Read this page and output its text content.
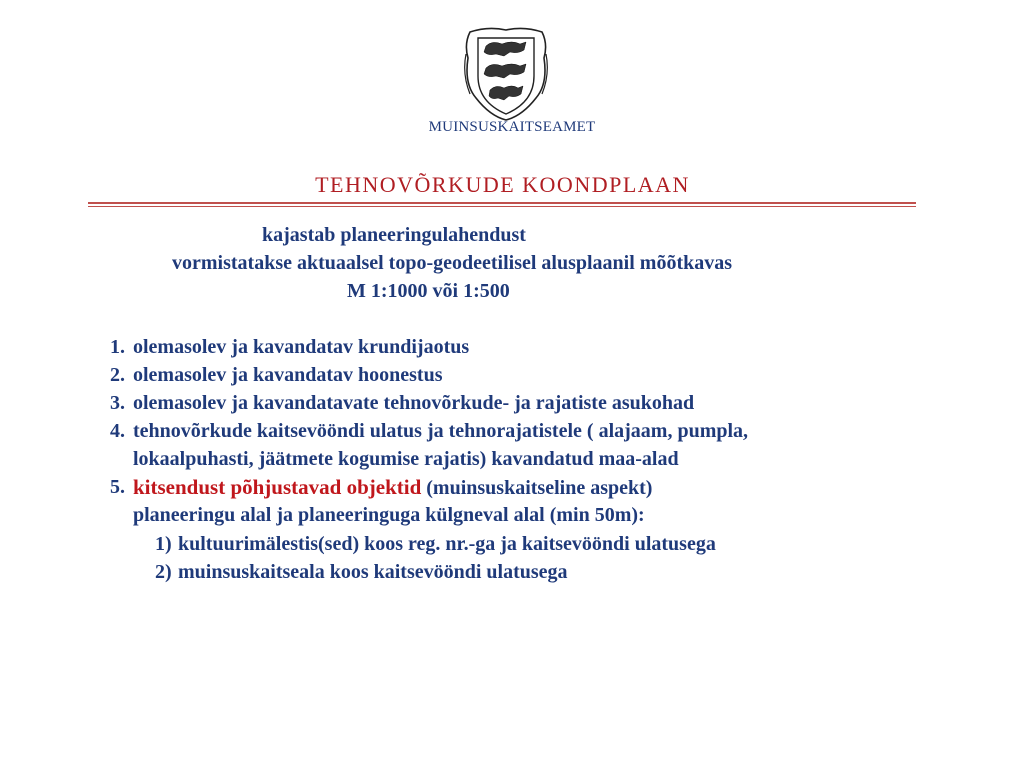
MUINSUSKAITSEAMET
TEHNOVÕRKUDE KOONDPLAAN
kajastab planeeringulahendust
vormistatakse aktuaalsel topo-geodeetilisel alusplaanil mõõtkavas
M 1:1000 või 1:500
1. olemasolev ja kavandatav krundijaotus
2. olemasolev ja kavandatav hoonestus
3. olemasolev ja kavandatavate tehnovõrkude- ja rajatiste asukohad
4. tehnovõrkude kaitsevööndi ulatus ja tehnorajatistele ( alajaam, pumpla,
lokaalpuhasti, jäätmete kogumise rajatis) kavandatud maa-alad
5. kitsendust põhjustavad objektid (muinsuskaitseline aspekt)
planeeringu alal ja planeeringuga külgneval alal (min 50m):
1) kultuurimälestis(sed) koos reg. nr.-ga ja kaitsevööndi ulatusega
2) muinsuskaitseala koos kaitsevööndi ulatusega
